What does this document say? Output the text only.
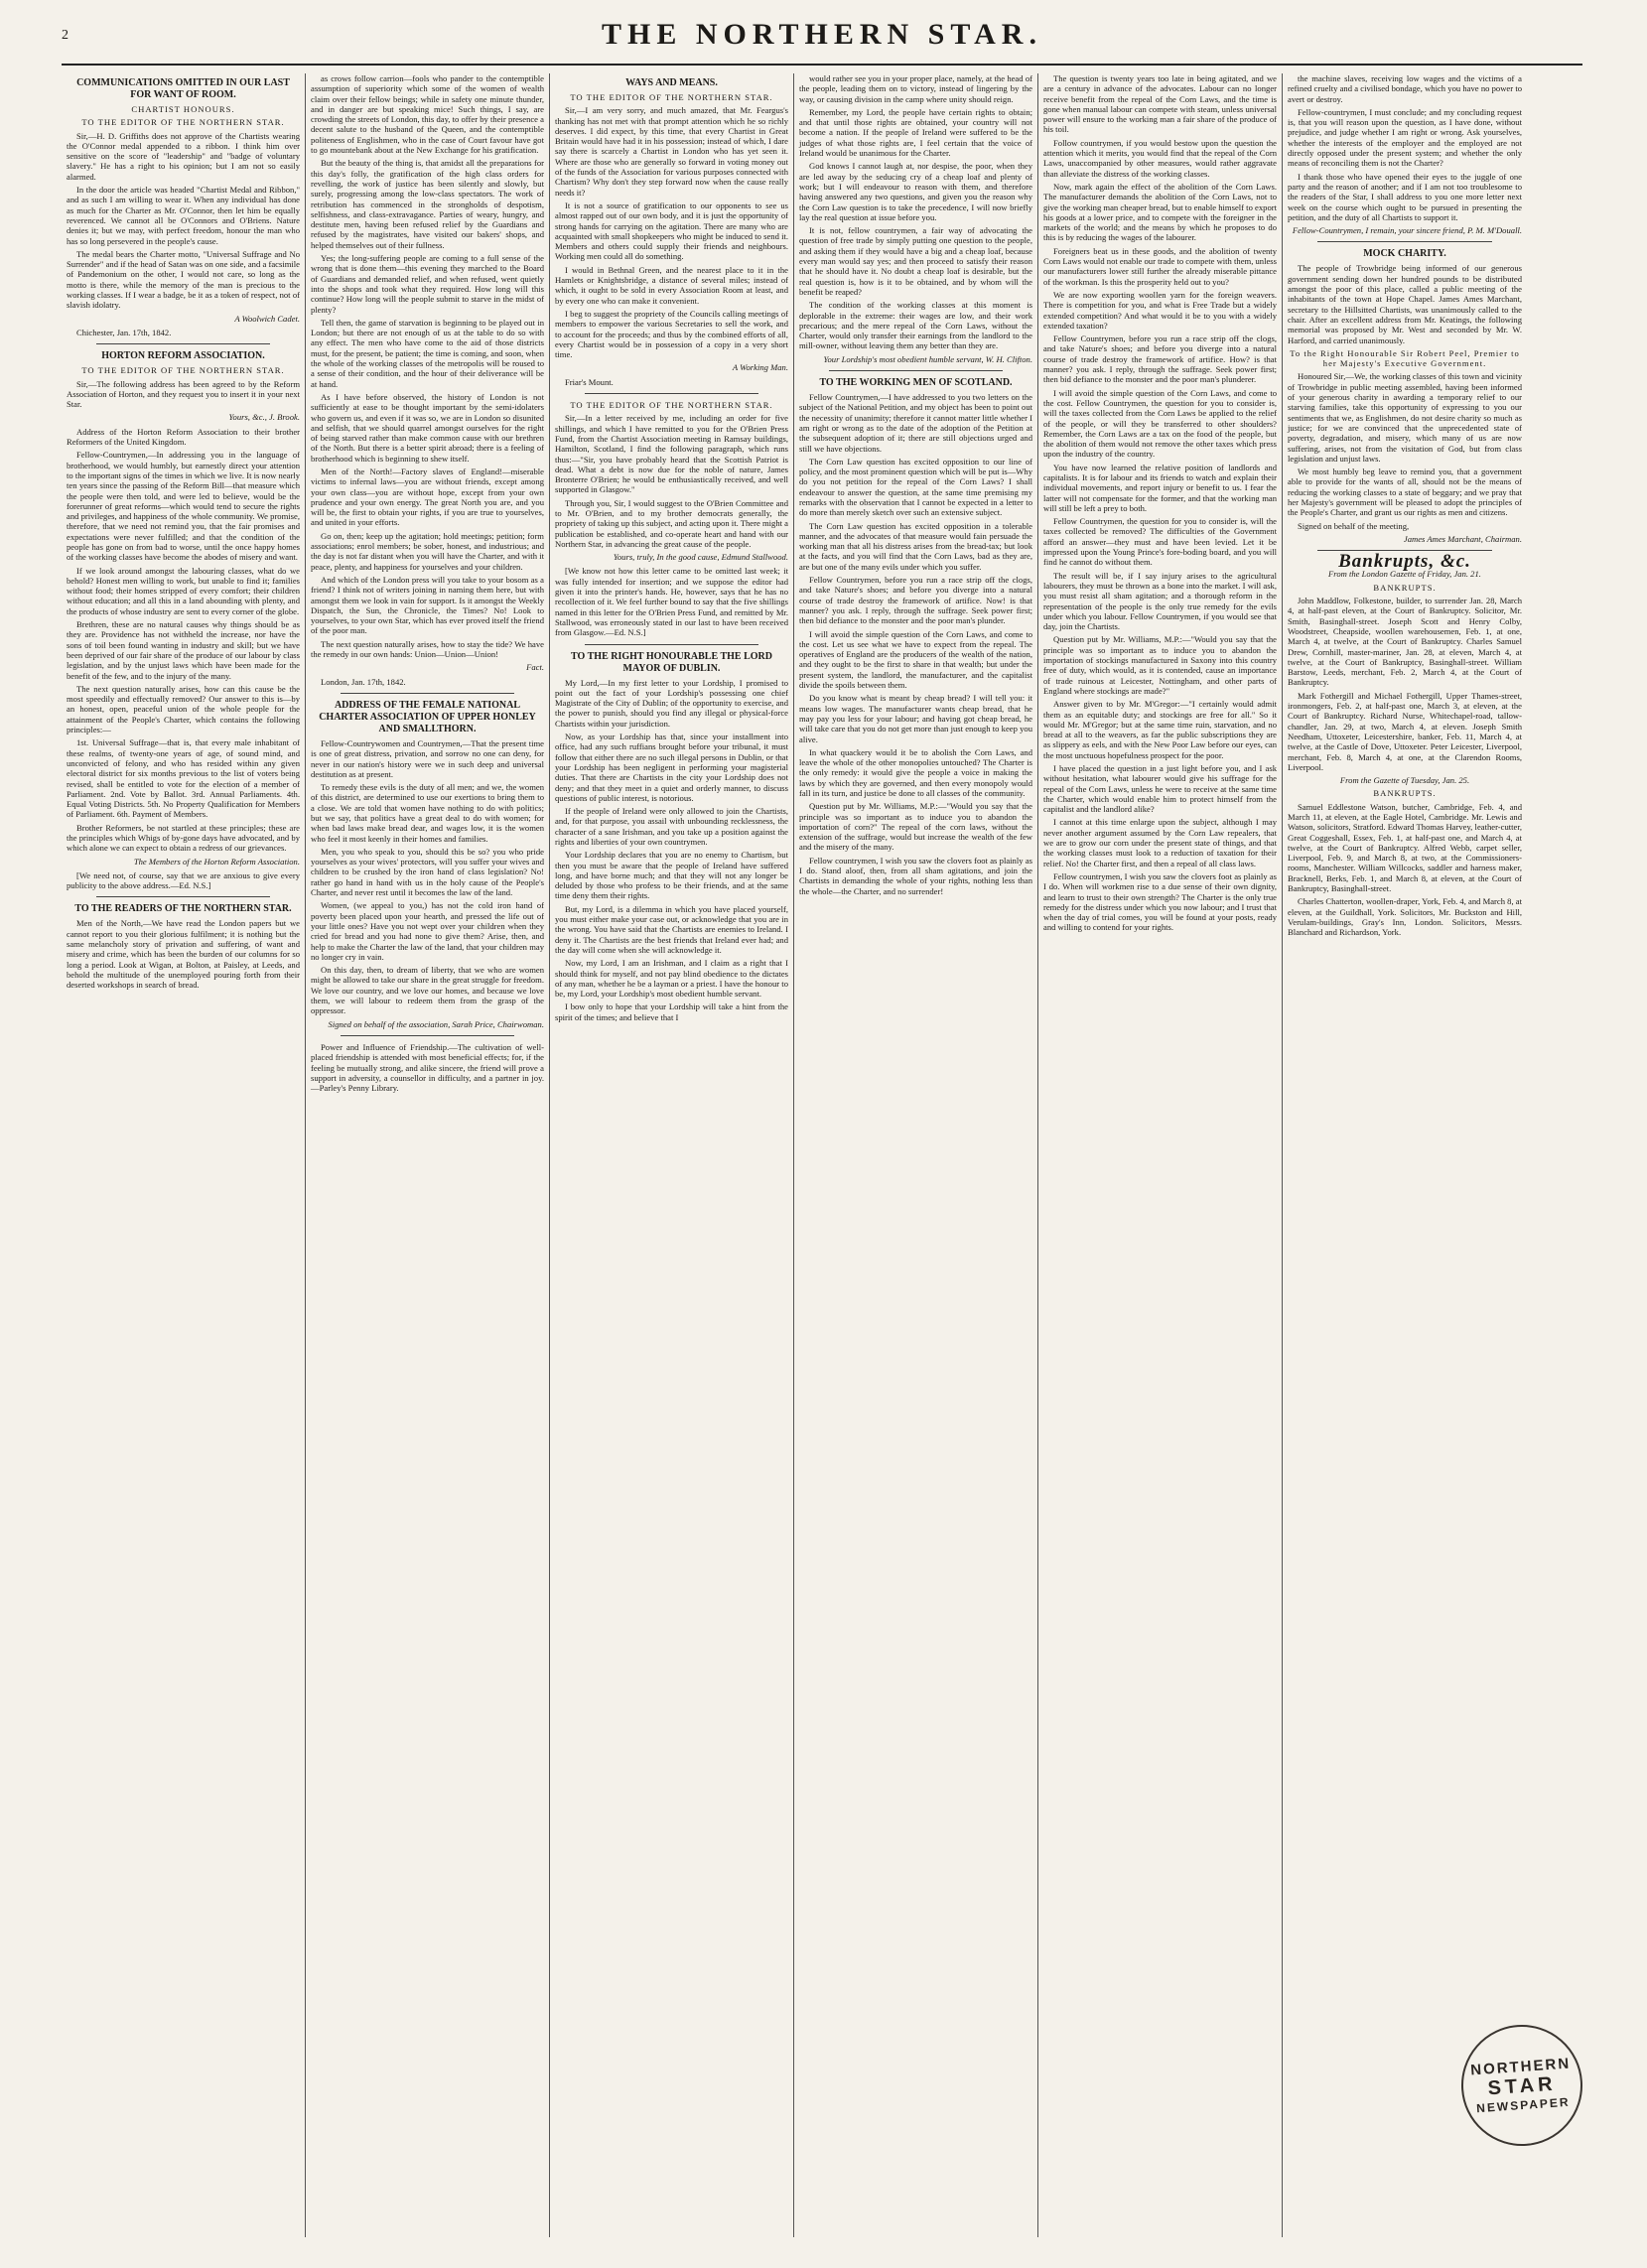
2	THE NORTHERN STAR.
COMMUNICATIONS OMITTED IN OUR LAST FOR WANT OF ROOM.
CHARTIST HONOURS.
TO THE EDITOR OF THE NORTHERN STAR.

Sir,—H. D. Griffiths does not approve of the Chartists wearing the O'Connor medal appended to a ribbon. I think him over sensitive on the score of "leadership" and "badge of voluntary slavery." He has a right to his opinion; but I am not so easily alarmed.

In the door the article was headed "Chartist Medal and Ribbon," and as such I am willing to wear it. When any individual has done as much for the Charter as Mr. O'Connor, then let him be equally reverenced. We cannot all be O'Connors and O'Briens. Nature denies it; but we may, with perfect freedom, honour the man who has so long persevered in the people's cause.

The medal bears the Charter motto, "Universal Suffrage and No Surrender" and if the head of Satan was on one side, and a facsimile of Pandemonium on the other, I would not care, so long as the motto is there, while the memory of the man is precious to the working classes. If I wear a badge, be it as a token of respect, not of slavish idolatry.

A Woolwich Cadet.

Chichester, Jan. 17th, 1842.

HORTON REFORM ASSOCIATION.
TO THE EDITOR OF THE NORTHERN STAR.

Sir,—The following address has been agreed to by the Reform Association of Horton, and they request you to insert it in your next Star.

Yours, &c., J. Brook.

Address of the Horton Reform Association to their brother Reformers of the United Kingdom.

Fellow-Countrymen,—In addressing you in the language of brotherhood, we would humbly, but earnestly direct your attention to the important signs of the times in which we live. It is now nearly ten years since the passing of the Reform Bill—that measure which the people were then told, and were led to believe, would be the forerunner of great reforms—which would tend to secure the rights and privileges, and happiness of the whole community. We promise, therefore, that we need not remind you, that the fair promises and expectations were never fulfilled; and that the condition of the people has gone on from bad to worse, until the once happy homes of the working classes have become the abodes of misery and want.

If we look around amongst the labouring classes, what do we behold? Honest men willing to work, but unable to find it; families without food; their homes stripped of every comfort; their children without education; and all this in a land abounding with plenty, and the products of whose industry are sent to every corner of the globe.

Brethren, these are no natural causes why things should be as they are. Providence has not withheld the increase, nor have the sons of toil been found wanting in industry and skill; but we have been deprived of our fair share of the produce of our labour by class legislation, and by the unjust laws which have been made for the benefit of the few, and to the injury of the many.

The next question naturally arises, how can this cause be the most speedily and effectually removed? Our answer to this is—by an honest, open, peaceful union of the whole people for the attainment of the People's Charter, which contains the following principles:—

1st. Universal Suffrage—that is, that every male inhabitant of these realms, of twenty-one years of age, of sound mind, and unconvicted of felony, and who has resided within any given electoral district for six months previous to the list of voters being revised, shall be entitled to vote for the election of a member of Parliament. 2nd. Vote by Ballot. 3rd. Annual Parliaments. 4th. Equal Voting Districts. 5th. No Property Qualification for Members of Parliament. 6th. Payment of Members.

Brother Reformers, be not startled at these principles; these are the principles which Whigs of by-gone days have advocated, and by which alone we can expect to obtain a redress of our grievances.

The Members of the Horton Reform Association.

[We need not, of course, say that we are anxious to give every publicity to the above address.—Ed. N.S.]

TO THE READERS OF THE NORTHERN STAR.

Men of the North,—We have read the London papers but we cannot report to you their glorious fulfilment; it is nothing but the same melancholy story of privation and suffering, of want and misery and crime, which has been the burden of our columns for so long a period. Look at Wigan, at Bolton, at Paisley, at Leeds, and behold the multitude of the unemployed pouring forth from their deserted workshops in search of bread.

as crows follow carrion—fools who pander to the contemptible assumption of superiority which some of the women of wealth claim over their fellow beings; while in safety one minute thunder, and in danger are but speaking mice! Such things, I say, are crowding the streets of London, this day, to offer by their presence a decent salute to the husband of the Queen, and the contemptible politeness of Englishmen, who in the case of Court favour have got to go mountebank about at the New Exchange for his gratification.

But the beauty of the thing is, that amidst all the preparations for this day's folly, the gratification of the high class orders for revelling, the work of justice has been silently and slowly, but surely, progressing among the low-class spectators. The work of retribution has commenced in the strongholds of despotism, selfishness, and class-extravagance. Parties of weary, hungry, and destitute men, having been refused relief by the Guardians and refused by the magistrates, have visited our bakers' shops, and helped themselves out of their fullness.

Yes; the long-suffering people are coming to a full sense of the wrong that is done them—this evening they marched to the Board of Guardians and demanded relief, and when refused, went quietly into the shops and took what they required. How long will this continue? How long will the people submit to starve in the midst of plenty?

Tell then, the game of starvation is beginning to be played out in London; but there are not enough of us at the table to do so with any effect. The men who have come to the aid of those districts must, for the present, be patient; the time is coming, and soon, when the whole of the working classes of the metropolis will be roused to a sense of their condition, and the hour of their deliverance will be at hand.

As I have before observed, the history of London is not sufficiently at ease to be thought important by the semi-idolaters who govern us, and even if it was so, we are in London so disunited and selfish, that we should quarrel amongst ourselves for the right of being starved rather than make common cause with our brethren of the North. But there is a better spirit abroad; there is a feeling of brotherhood which is beginning to shew itself.

Men of the North!—Factory slaves of England!—miserable victims to infernal laws—you are without friends, except among your own class—you are without hope, except from your own prudence and your own energy. The great North you are, and you will be, the first to obtain your rights, if you are true to yourselves, and united in your efforts.

Go on, then; keep up the agitation; hold meetings; petition; form associations; enrol members; be sober, honest, and industrious; and the day is not far distant when you will have the Charter, and with it peace, plenty, and happiness for yourselves and your children.

And which of the London press will you take to your bosom as a friend? I think not of writers joining in naming them here, but with amongst them we look in vain for support. Is it amongst the Weekly Dispatch, the Sun, the Chronicle, the Times? No! Look to yourselves, to your own Star, which has ever proved itself the friend of the poor man.

The next question naturally arises, how to stay the tide? We have the remedy in our own hands: Union—Union—Union!

Fact.

London, Jan. 17th, 1842.

ADDRESS OF THE FEMALE NATIONAL CHARTER ASSOCIATION OF UPPER HONLEY AND SMALLTHORN.

Fellow-Countrywomen and Countrymen,—That the present time is one of great distress, privation, and sorrow no one can deny, for never in our nation's history were we in such deep and universal destitution as at present.

To remedy these evils is the duty of all men; and we, the women of this district, are determined to use our exertions to bring them to a close. We are told that women have nothing to do with politics; but we say, that politics have a great deal to do with women; for when bad laws make bread dear, and wages low, it is the women who feel it most keenly in their homes and families.

Men, you who speak to you, should this be so? you who pride yourselves as your wives' protectors, will you suffer your wives and children to be crushed by the iron hand of class legislation? No! rather go hand in hand with us in the holy cause of the People's Charter, and never rest until it becomes the law of the land.

Women, (we appeal to you,) has not the cold iron hand of poverty been placed upon your hearth, and pressed the life out of your little ones? Have you not wept over your children when they cried for bread and you had none to give them? Arise, then, and help to make the Charter the law of the land, that your children may no longer cry in vain.

On this day, then, to dream of liberty, that we who are women might be allowed to take our share in the great struggle for freedom. We love our country, and we love our homes, and because we love them, we will labour to redeem them from the grasp of the oppressor.

Signed on behalf of the association, Sarah Price, Chairwoman.

Power and Influence of Friendship.—The cultivation of well-placed friendship is attended with most beneficial effects; for, if the feeling be mutually strong, and alike sincere, the friend will prove a support in adversity, a counsellor in difficulty, and a partner in joy.—Parley's Penny Library.

WAYS AND MEANS.
TO THE EDITOR OF THE NORTHERN STAR.

Sir,—I am very sorry, and much amazed, that Mr. Feargus's thanking has not met with that prompt attention which he so richly deserves. I did expect, by this time, that every Chartist in Great Britain would have had it in his possession; instead of which, I dare say there is scarcely a Chartist in London who has yet seen it. Where are those who are generally so forward in voting money out of the funds of the Association for various purposes connected with Chartism? Why don't they step forward now when the cause really needs it?

It is not a source of gratification to our opponents to see us almost rapped out of our own body, and it is just the opportunity of strong hands for carrying on the agitation. There are many who are acquainted with small shopkeepers who might be induced to send it. Members and others could supply their friends and neighbours. Working men could all do something.

I would in Bethnal Green, and the nearest place to it in the Hamlets or Knightsbridge, a distance of several miles; instead of which, it ought to be sold in every Association Room at least, and by every one who can make it convenient.

I beg to suggest the propriety of the Councils calling meetings of members to empower the various Secretaries to sell the work, and to account for the proceeds; and thus by the combined efforts of all, every Chartist would be in possession of a copy in a very short time.

A Working Man.

Friar's Mount.

TO THE EDITOR OF THE NORTHERN STAR.

Sir,—In a letter received by me, including an order for five shillings, and which I have remitted to you for the O'Brien Press Fund, from the Chartist Association meeting in Ramsay buildings, Hamilton, Scotland, I find the following paragraph, which runs thus:—"Sir, you have probably heard that the Scottish Patriot is dead. What a debt is now due for the noble of nature, James Bronterre O'Brien; he would be enthusiastically received, and well supported in Glasgow."

Through you, Sir, I would suggest to the O'Brien Committee and to Mr. O'Brien, and to my brother democrats generally, the propriety of taking up this subject, and acting upon it. There might a publication be established, and co-operate heart and hand with our Northern Star, in advancing the great cause of the people.

Yours, truly, In the good cause, Edmund Stallwood.

[We know not how this letter came to be omitted last week; it was fully intended for insertion; and we suppose the editor had given it into the printer's hands. He, however, says that he has no recollection of it. We feel further bound to say that the five shillings named in this letter for the O'Brien Press Fund, and remitted by Mr. Stallwood, was erroneously stated in our last to have been received from Glasgow.—Ed. N.S.]

TO THE RIGHT HONOURABLE THE LORD MAYOR OF DUBLIN.

My Lord,—In my first letter to your Lordship, I promised to point out the fact of your Lordship's possessing one chief Magistrate of the City of Dublin; of the opportunity to exercise, and the power to punish, should you find any illegal or physical-force Chartists within your jurisdiction.

Now, as your Lordship has that, since your installment into office, had any such ruffians brought before your tribunal, it must follow that either there are no such illegal persons in Dublin, or that your Lordship has been negligent in performing your magisterial duties. That there are Chartists in the city your Lordship does not deny; and that they meet in a quiet and orderly manner, to discuss questions of public interest, is notorious.

If the people of Ireland were only allowed to join the Chartists, and, for that purpose, you assail with unbounding recklessness, the character of a sane Irishman, and you take up a position against the rights and liberties of your own countrymen.

Your Lordship declares that you are no enemy to Chartism, but then you must be aware that the people of Ireland have suffered long, and have borne much; and that they will not any longer be deluded by those who profess to be their friends, and at the same time deny them their rights.

But, my Lord, is a dilemma in which you have placed yourself, you must either make your case out, or acknowledge that you are in the wrong. You have said that the Chartists are enemies to Ireland. I deny it. The Chartists are the best friends that Ireland ever had; and the day will come when she will acknowledge it.

Now, my Lord, I am an Irishman, and I claim as a right that I should think for myself, and not pay blind obedience to the dictates of any man, whether he be a layman or a priest. I have the honour to be, my Lord, your Lordship's most obedient humble servant.

I bow only to hope that your Lordship will take a hint from the spirit of the times; and believe that I

would rather see you in your proper place, namely, at the head of the people, leading them on to victory, instead of lingering by the way, or causing division in the camp where unity should reign.

Remember, my Lord, the people have certain rights to obtain; and that until those rights are obtained, your country will not become a nation. If the people of Ireland were suffered to be the judges of what those rights are, I feel certain that the voice of Ireland would be unanimous for the Charter.

God knows I cannot laugh at, nor despise, the poor, when they are led away by the seducing cry of a cheap loaf and plenty of work; but I will endeavour to reason with them, and therefore having answered any two questions, and given you the reason why the Corn Law question is to take the precedence, I will now briefly lay the real question at issue before you.

It is not, fellow countrymen, a fair way of advocating the question of free trade by simply putting one question to the people, and asking them if they would have a big and a cheap loaf, because every man would say yes; and then proceed to satisfy their reason that he should have it. No doubt a cheap loaf is desirable, but the real question is, how is it to be obtained, and by whom will the benefit be reaped?

The condition of the working classes at this moment is deplorable in the extreme: their wages are low, and their work precarious; and the mere repeal of the Corn Laws, without the Charter, would only transfer their earnings from the landlord to the mill-owner, without leaving them any better than they are.

Your Lordship's most obedient humble servant, W. H. Clifton.
TO THE WORKING MEN OF SCOTLAND.

Fellow Countrymen,—I have addressed to you two letters on the subject of the National Petition, and my object has been to point out the necessity of unanimity; therefore it cannot matter little whether I am right or wrong as to the date of the adoption of the Petition at the subsequent adoption of it; there are still objections urged and still we have objections.

The Corn Law question has excited opposition to our line of policy, and the most prominent question which will be put is—Why do you not petition for the repeal of the Corn Laws? I shall endeavour to answer the question, at the same time premising my remarks with the observation that I cannot be expected in a letter to do more than merely sketch over such an extensive subject.

The Corn Law question has excited opposition in a tolerable manner, and the advocates of that measure would fain persuade the working man that all his distress arises from the bread-tax; but look at the facts, and you will find that the Corn Laws, bad as they are, are but one of the many evils under which you suffer.

Fellow Countrymen, before you run a race strip off the clogs, and take Nature's shoes; and before you diverge into a natural course of trade destroy the framework of artifice. Now! is that manner? you ask. I reply, through the suffrage. Seek power first; then bid defiance to the monster and the poor man's plunder.

I will avoid the simple question of the Corn Laws, and come to the cost. Let us see what we have to expect from the repeal. The operatives of England are the producers of the wealth of the nation, and they ought to be the first to share in that wealth; but under the present system, the landlord, the manufacturer, and the capitalist divide the spoils between them.

Do you know what is meant by cheap bread? I will tell you: it means low wages. The manufacturer wants cheap bread, that he may pay you less for your labour; and having got cheap bread, he will take care that you do not get more than just enough to keep you alive.

In what quackery would it be to abolish the Corn Laws, and leave the whole of the other monopolies untouched? The Charter is the only remedy: it would give the people a voice in making the laws by which they are governed, and then every monopoly would fall in its turn, and justice be done to all classes of the community.

Question put by Mr. Williams, M.P.:—"Would you say that the principle was so important as to induce you to abandon the importation of corn?" The repeal of the corn laws, without the extension of the suffrage, would but increase the wealth of the few and the misery of the many.

Fellow countrymen, I wish you saw the clovers foot as plainly as I do. Stand aloof, then, from all sham agitations, and join the Chartists in demanding the whole of your rights, nothing less than the whole—the Charter, and no surrender!

The question is twenty years too late in being agitated, and we are a century in advance of the advocates. Labour can no longer receive benefit from the repeal of the Corn Laws, and the time is gone when manual labour can compete with steam, unless universal power will ensure to the working man a fair share of the produce of his toil.

Follow countrymen, if you would bestow upon the question the attention which it merits, you would find that the repeal of the Corn Laws, unaccompanied by other measures, would rather aggravate than alleviate the distress of the working classes.

Now, mark again the effect of the abolition of the Corn Laws. The manufacturer demands the abolition of the Corn Laws, not to give the working man cheaper bread, but to enable himself to export his goods at a lower price, and to compete with the foreigner in the markets of the world; and the means by which he proposes to do this is by reducing the wages of the labourer.

Foreigners beat us in these goods, and the abolition of twenty Corn Laws would not enable our trade to compete with them, unless our manufacturers lower still further the already miserable pittance of the workman. Is this the prosperity held out to you?

We are now exporting woollen yarn for the foreign weavers. There is competition for you, and what is Free Trade but a widely extended competition? And what would it be to you with a widely extended taxation?

Fellow Countrymen, before you run a race strip off the clogs, and take Nature's shoes; and before you diverge into a natural course of trade destroy the framework of artifice. How? is that manner? you ask. I reply, through the suffrage. Seek power first; then bid defiance to the monster and the poor man's plunderer.

I will avoid the simple question of the Corn Laws, and come to the cost. Fellow Countrymen, the question for you to consider is, will the taxes collected from the Corn Laws be applied to the relief of the people, or will they be transferred to other shoulders? Remember, the Corn Laws are a tax on the food of the people, but the abolition of them would not remove the other taxes which press upon the industry of the country.

You have now learned the relative position of landlords and capitalists. It is for labour and its friends to watch and explain their individual movements, and report injury or benefit to us. I fear the latter will not compensate for the former, and that the working man will still be left a prey to both.

Fellow Countrymen, the question for you to consider is, will the taxes collected be removed? The difficulties of the Government afford an answer—they must and have been levied. Let it be impressed upon the Young Prince's fore-boding board, and you will find he cannot do without them.

The result will be, if I say injury arises to the agricultural labourers, they must be thrown as a bone into the market. I will ask, you must resist all sham agitation; and a thorough reform in the representation of the people is the only true remedy for the evils under which you labour. Fellow Countrymen, if you would see that day, join the Chartists.

Question put by Mr. Williams, M.P.:—"Would you say that the principle was so important as to induce you to abandon the importation of stockings manufactured in Saxony into this country free of duty, which would, as it is contended, cause an importance of trade ruinous at Leicester, Nottingham, and other parts of England where stockings are made?"

Answer given to by Mr. M'Gregor:—"I certainly would admit them as an equitable duty; and stockings are free for all." So it would Mr. M'Gregor; but at the same time ruin, starvation, and no bread at all to the weavers, as far the public subscriptions they are as slippery as eels, and with the New Poor Law before our eyes, can the most unctuous hopefulness prospect for the poor.

I have placed the question in a just light before you, and I ask without hesitation, what labourer would give his suffrage for the repeal of the Corn Laws, unless he were to receive at the same time the Charter, which would enable him to protect himself from the capitalist and the landlord alike?

I cannot at this time enlarge upon the subject, although I may never another argument assumed by the Corn Law repealers, that we are to grow our corn under the present state of things, and that the working classes must look to a reduction of taxation for their relief. No! the Charter first, and then a repeal of all class laws.

Fellow countrymen, I wish you saw the clovers foot as plainly as I do. When will workmen rise to a due sense of their own dignity, and learn to trust to their own strength? The Charter is the only true remedy for the distress under which you now labour; and I trust that when the day of trial comes, you will be found at your posts, ready and willing to contend for your rights.

the machine slaves, receiving low wages and the victims of a refined cruelty and a civilised bondage, which you have no power to avert or destroy.

Fellow-countrymen, I must conclude; and my concluding request is, that you will reason upon the question, as I have done, without prejudice, and judge whether I am right or wrong. Ask yourselves, whether the interests of the employer and the employed are not directly opposed under the present system; and whether the only means of reconciling them is not the Charter?

I thank those who have opened their eyes to the juggle of one party and the reason of another; and if I am not too troublesome to the readers of the Star, I shall address to you one more letter next week on the course which ought to be pursued in presenting the petition, and the duty of all Chartists to support it.

Fellow-Countrymen, I remain, your sincere friend, P. M. M'Douall.
MOCK CHARITY.

The people of Trowbridge being informed of our generous government sending down her hundred pounds to be distributed amongst the poor of this place, called a public meeting of the inhabitants of the town at Hope Chapel. James Ames Marchant, secretary to the Hillsitted Chartists, was unanimously called to the chair. After an excellent address from Mr. Keatings, the following memorial was proposed by Mr. West and seconded by Mr. W. Harford, and carried unanimously.

To the Right Honourable Sir Robert Peel, Premier to her Majesty's Executive Government.

Honoured Sir,—We, the working classes of this town and vicinity of Trowbridge in public meeting assembled, having been informed of your generous charity in awarding a temporary relief to our starving families, take this opportunity of expressing to you our sentiments that we, as Englishmen, do not desire charity so much as justice; for we are convinced that the unprecedented state of poverty, degradation, and misery, which many of us are now suffering, arises, not from the visitation of God, but from class legislation and unjust laws.

We most humbly beg leave to remind you, that a government able to provide for the wants of all, should not be the means of reducing the working classes to a state of beggary; and we pray that her Majesty's government will be pleased to adopt the principles of the People's Charter, and grant us our rights as men and citizens.

Signed on behalf of the meeting,

James Ames Marchant, Chairman.
Bankrupts, &c.
From the London Gazette of Friday, Jan. 21.
BANKRUPTS.

John Maddlow, Folkestone, builder, to surrender Jan. 28, March 4, at half-past eleven, at the Court of Bankruptcy. Solicitor, Mr. Smith, Basinghall-street. Joseph Scott and Henry Colby, Woodstreet, Cheapside, woollen warehousemen, Feb. 1, at one, March 4, at twelve, at the Court of Bankruptcy. Charles Samuel Drew, Cornhill, master-mariner, Jan. 28, at eleven, March 4, at twelve, at the Court of Bankruptcy, Basinghall-street. William Barstow, Leeds, merchant, Feb. 2, March 4, at the Court of Bankruptcy.

Mark Fothergill and Michael Fothergill, Upper Thames-street, ironmongers, Feb. 2, at half-past one, March 3, at eleven, at the Court of Bankruptcy. Richard Nurse, Whitechapel-road, tallow-chandler, Jan. 29, at two, March 4, at eleven. Joseph Smith Needham, Uttoxeter, Leicestershire, banker, Feb. 11, March 4, at twelve, at the Castle of Dove, Uttoxeter. Peter Leicester, Liverpool, merchant, Feb. 8, March 4, at one, at the Clarendon Rooms, Liverpool.

From the Gazette of Tuesday, Jan. 25.
BANKRUPTS.

Samuel Eddlestone Watson, butcher, Cambridge, Feb. 4, and March 11, at eleven, at the Eagle Hotel, Cambridge. Mr. Lewis and Watson, solicitors, Stratford. Edward Thomas Harvey, leather-cutter, Great Coggeshall, Essex, Feb. 1, at half-past one, and March 4, at twelve, at the Court of Bankruptcy. Alfred Webb, carpet seller, Liverpool, Feb. 9, and March 8, at two, at the Commissioners-rooms, Manchester. William Willcocks, saddler and harness maker, Bracknell, Berks, Feb. 1, and March 8, at eleven, at the Court of Bankruptcy, Basinghall-street.

Charles Chatterton, woollen-draper, York, Feb. 4, and March 8, at eleven, at the Guildhall, York. Solicitors, Mr. Buckston and Hill, Verulam-buildings, Gray's Inn, London. Solicitors, Messrs. Blanchard and Richardson, York.

NORTHERN
STAR
NEWSPAPER
